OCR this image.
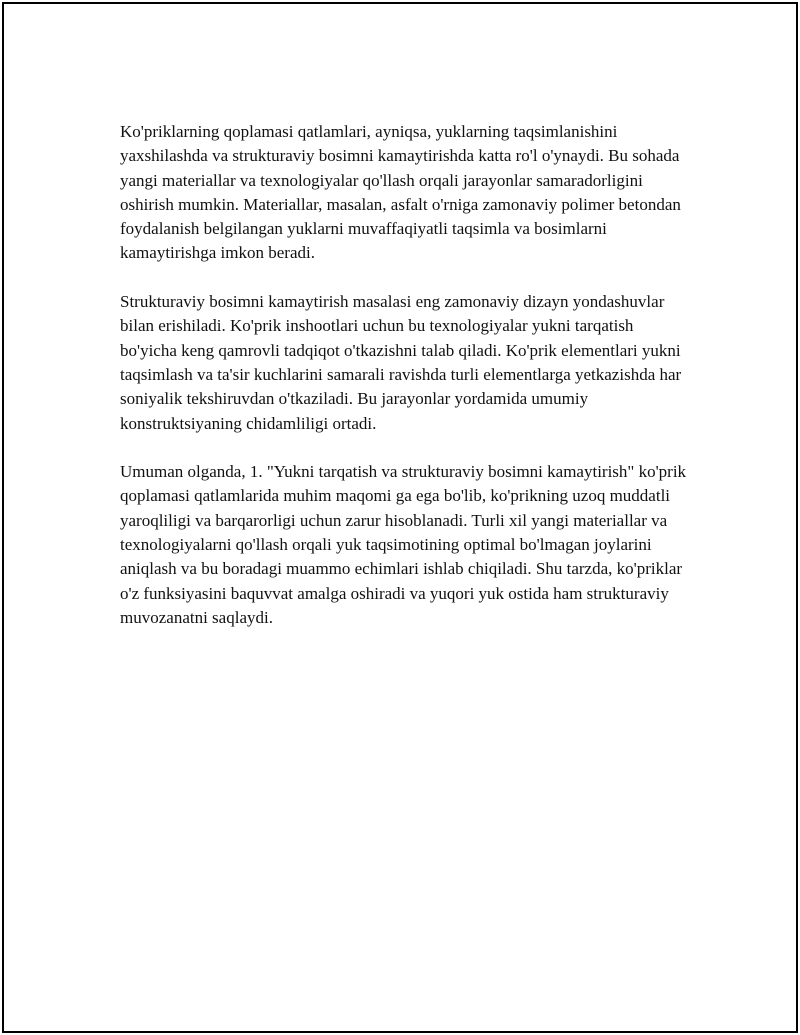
Ko'priklarning qoplamasi qatlamlari, ayniqsa, yuklarning taqsimlanishini yaxshilashda va strukturaviy bosimni kamaytirishda katta ro'l o'ynaydi. Bu sohada yangi materiallar va texnologiyalar qo'llash orqali jarayonlar samaradorligini oshirish mumkin. Materiallar, masalan, asfalt o'rniga zamonaviy polimer betondan foydalanish belgilangan yuklarni muvaffaqiyatli taqsimla va bosimlarni kamaytirishga imkon beradi.

Strukturaviy bosimni kamaytirish masalasi eng zamonaviy dizayn yondashuvlar bilan erishiladi. Ko'prik inshootlari uchun bu texnologiyalar yukni tarqatish bo'yicha keng qamrovli tadqiqot o'tkazishni talab qiladi. Ko'prik elementlari yukni taqsimlash va ta'sir kuchlarini samarali ravishda turli elementlarga yetkazishda har soniyalik tekshiruvdan o'tkaziladi. Bu jarayonlar yordamida umumiy konstruktsiyaning chidamliligi ortadi.

Umuman olganda, 1. "Yukni tarqatish va strukturaviy bosimni kamaytirish" ko'prik qoplamasi qatlamlarida muhim maqomi ga ega bo'lib, ko'prikning uzoq muddatli yaroqliligi va barqarorligi uchun zarur hisoblanadi. Turli xil yangi materiallar va texnologiyalarni qo'llash orqali yuk taqsimotining optimal bo'lmagan joylarini aniqlash va bu boradagi muammo echimlari ishlab chiqiladi. Shu tarzda, ko'priklar o'z funksiyasini baquvvat amalga oshiradi va yuqori yuk ostida ham strukturaviy muvozanatni saqlaydi.
